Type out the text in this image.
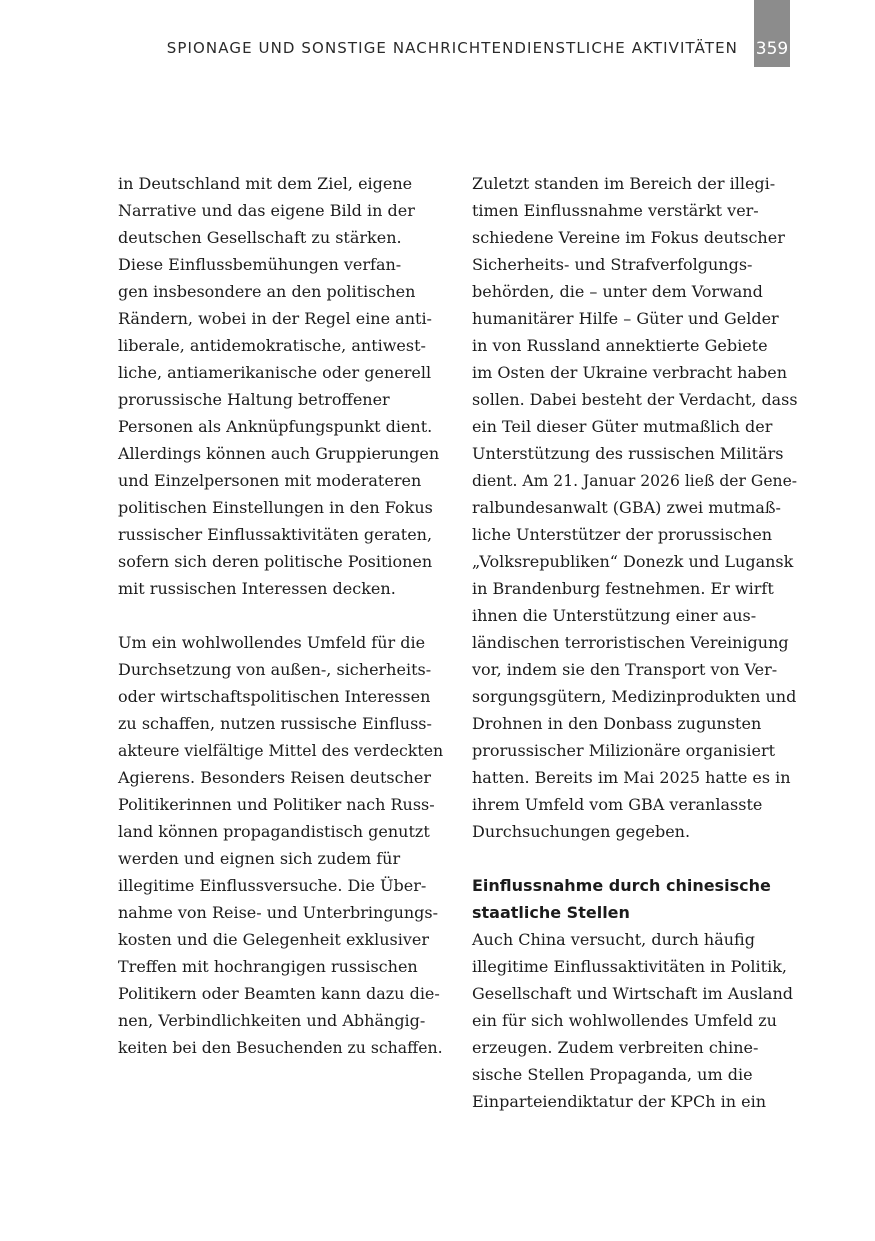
SPIONAGE UND SONSTIGE NACHRICHTENDIENSTLICHE AKTIVITÄTEN 359
in Deutschland mit dem Ziel, eigene
Narrative und das eigene Bild in der
deutschen Gesellschaft zu stärken.
Diese Einflussbemühungen verfan-
gen insbesondere an den politischen
Rändern, wobei in der Regel eine anti-
liberale, antidemokratische, antiwest-
liche, antiamerikanische oder generell
prorussische Haltung betroffener
Personen als Anknüpfungspunkt dient.
Allerdings können auch Gruppierungen
und Einzelpersonen mit moderateren
politischen Einstellungen in den Fokus
russischer Einflussaktivitäten geraten,
sofern sich deren politische Positionen
mit russischen Interessen decken.
Um ein wohlwollendes Umfeld für die
Durchsetzung von außen-, sicherheits-
oder wirtschaftspolitischen Interessen
zu schaffen, nutzen russische Einfluss-
akteure vielfältige Mittel des verdeckten
Agierens. Besonders Reisen deutscher
Politikerinnen und Politiker nach Russ-
land können propagandistisch genutzt
werden und eignen sich zudem für
illegitime Einflussversuche. Die Über-
nahme von Reise- und Unterbringungs-
kosten und die Gelegenheit exklusiver
Treffen mit hochrangigen russischen
Politikern oder Beamten kann dazu die-
nen, Verbindlichkeiten und Abhängig-
keiten bei den Besuchenden zu schaffen.
Zuletzt standen im Bereich der illegi-
timen Einflussnahme verstärkt ver-
schiedene Vereine im Fokus deutscher
Sicherheits- und Strafverfolgungs-
behörden, die – unter dem Vorwand
humanitärer Hilfe – Güter und Gelder
in von Russland annektierte Gebiete
im Osten der Ukraine verbracht haben
sollen. Dabei besteht der Verdacht, dass
ein Teil dieser Güter mutmaßlich der
Unterstützung des russischen Militärs
dient. Am 21. Januar 2026 ließ der Gene-
ralbundesanwalt (GBA) zwei mutmaß-
liche Unterstützer der prorussischen
„Volksrepubliken“ Donezk und Lugansk
in Brandenburg festnehmen. Er wirft
ihnen die Unterstützung einer aus-
ländischen terroristischen Vereinigung
vor, indem sie den Transport von Ver-
sorgungsgütern, Medizinprodukten und
Drohnen in den Donbass zugunsten
prorussischer Milizionäre organisiert
hatten. Bereits im Mai 2025 hatte es in
ihrem Umfeld vom GBA veranlasste
Durchsuchungen gegeben.
Einflussnahme durch chinesische
staatliche Stellen
Auch China versucht, durch häufig
illegitime Einflussaktivitäten in Politik,
Gesellschaft und Wirtschaft im Ausland
ein für sich wohlwollendes Umfeld zu
erzeugen. Zudem verbreiten chine-
sische Stellen Propaganda, um die
Einparteiendiktatur der KPCh in ein
